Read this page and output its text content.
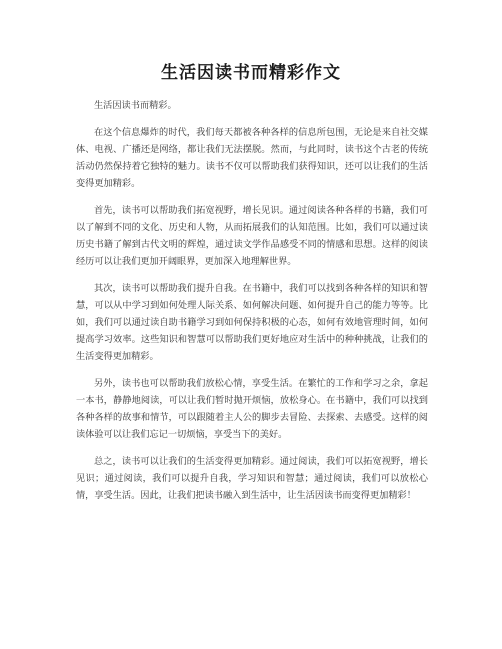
生活因读书而精彩作文

生活因读书而精彩。

在这个信息爆炸的时代，我们每天都被各种各样的信息所包围，无论是来自社交媒体、电视、广播还是网络，都让我们无法摆脱。然而，与此同时，读书这个古老的传统活动仍然保持着它独特的魅力。读书不仅可以帮助我们获得知识，还可以让我们的生活变得更加精彩。

首先，读书可以帮助我们拓宽视野，增长见识。通过阅读各种各样的书籍，我们可以了解到不同的文化、历史和人物，从而拓展我们的认知范围。比如，我们可以通过读历史书籍了解到古代文明的辉煌，通过读文学作品感受不同的情感和思想。这样的阅读经历可以让我们更加开阔眼界，更加深入地理解世界。

其次，读书可以帮助我们提升自我。在书籍中，我们可以找到各种各样的知识和智慧，可以从中学习到如何处理人际关系、如何解决问题、如何提升自己的能力等等。比如，我们可以通过读自助书籍学习到如何保持积极的心态，如何有效地管理时间，如何提高学习效率。这些知识和智慧可以帮助我们更好地应对生活中的种种挑战，让我们的生活变得更加精彩。

另外，读书也可以帮助我们放松心情，享受生活。在繁忙的工作和学习之余，拿起一本书，静静地阅读，可以让我们暂时抛开烦恼，放松身心。在书籍中，我们可以找到各种各样的故事和情节，可以跟随着主人公的脚步去冒险、去探索、去感受。这样的阅读体验可以让我们忘记一切烦恼，享受当下的美好。

总之，读书可以让我们的生活变得更加精彩。通过阅读，我们可以拓宽视野，增长见识；通过阅读，我们可以提升自我，学习知识和智慧；通过阅读，我们可以放松心情，享受生活。因此，让我们把读书融入到生活中，让生活因读书而变得更加精彩！
